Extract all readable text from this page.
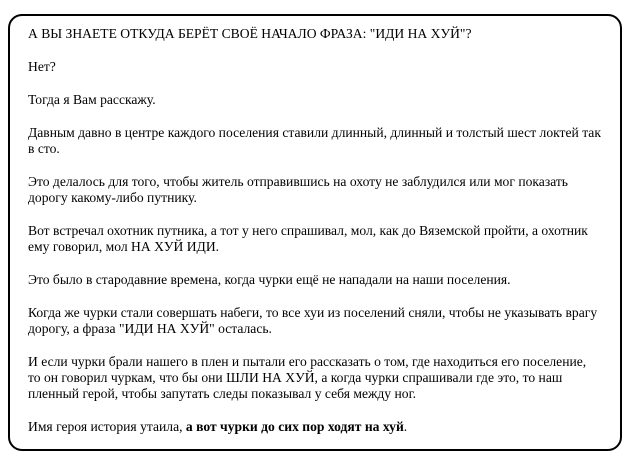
А ВЫ ЗНАЕТЕ ОТКУДА БЕРЁТ СВОЁ НАЧАЛО ФРАЗА: "ИДИ НА ХУЙ"?

Нет?

Тогда я Вам расскажу.

Давным давно в центре каждого поселения ставили длинный, длинный и толстый шест локтей так в сто.

Это делалось для того, чтобы житель отправившись на охоту не заблудился или мог показать дорогу какому-либо путнику.

Вот встречал охотник путника, а тот у него спрашивал, мол, как до Вяземской пройти, а охотник ему говорил, мол НА ХУЙ ИДИ.

Это было в стародавние времена, когда чурки ещё не нападали на наши поселения.

Когда же чурки стали совершать набеги, то все хуи из поселений сняли, чтобы не указывать врагу дорогу, а фраза "ИДИ НА ХУЙ" осталась.

И если чурки брали нашего в плен и пытали его рассказать о том, где находиться его поселение, то он говорил чуркам, что бы они ШЛИ НА ХУЙ, а когда чурки спрашивали где это, то наш пленный герой, чтобы запутать следы показывал у себя между ног.

Имя героя история утаила, а вот чурки до сих пор ходят на хуй.
